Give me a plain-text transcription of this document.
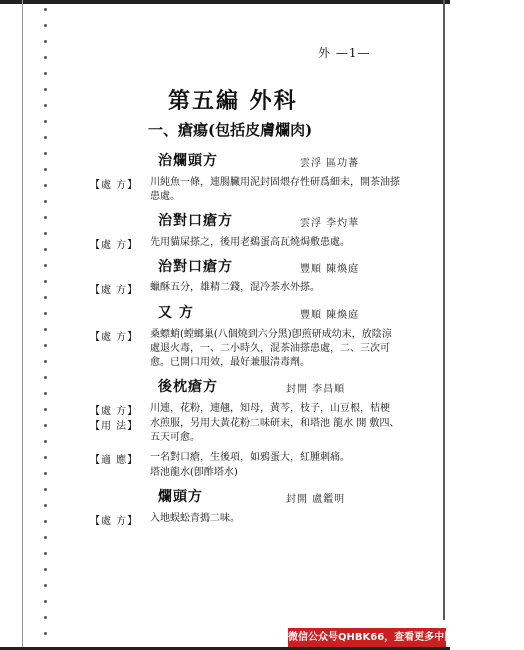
外 —1—
第五編 外科
一、瘡瘍(包括皮膚爛肉)
治爛頭方	雲浮 區功蕃
【處 方】 川純魚一條，連腸臟用泥封固煨存性研爲細末，開茶油搽患處。
治對口瘡方	雲浮 李灼華
【處 方】 先用貓屎搽之，後用老鷄蛋高瓦燒焗敷患處。
治對口瘡方	豐順 陳煥庭
【處 方】 蠟酥五分，雄精二錢，混冷茶水外搽。
又 方	豐順 陳煥庭
【處 方】 桑螵蛸(螳螂巢(八個燒到六分黑)卽煎研成幼末，放陰涼處退火毒，一、二小時久，混茶油搽患處，二、三次可愈。已開口用效，最好兼服清毒劑。
後枕瘡方	封開 李昌順
【處 方】 川連，花粉，連翹，知母，黄芩，枝子，山豆根，桔梗
【用 法】 水煎服，另用大黃花粉二味研末，和塔池 龍水 開 敷四、五天可愈。
【適 應】 一名對口瘡，生後項，如鴉蛋大，紅腫刺痛。
塔池龍水(卽酢塔水)
爛頭方	封開 盧鑑明
【處 方】 入地蜈蚣青搗二味。
微信公众号QHBK66，查看更多中医书、视频、音频
